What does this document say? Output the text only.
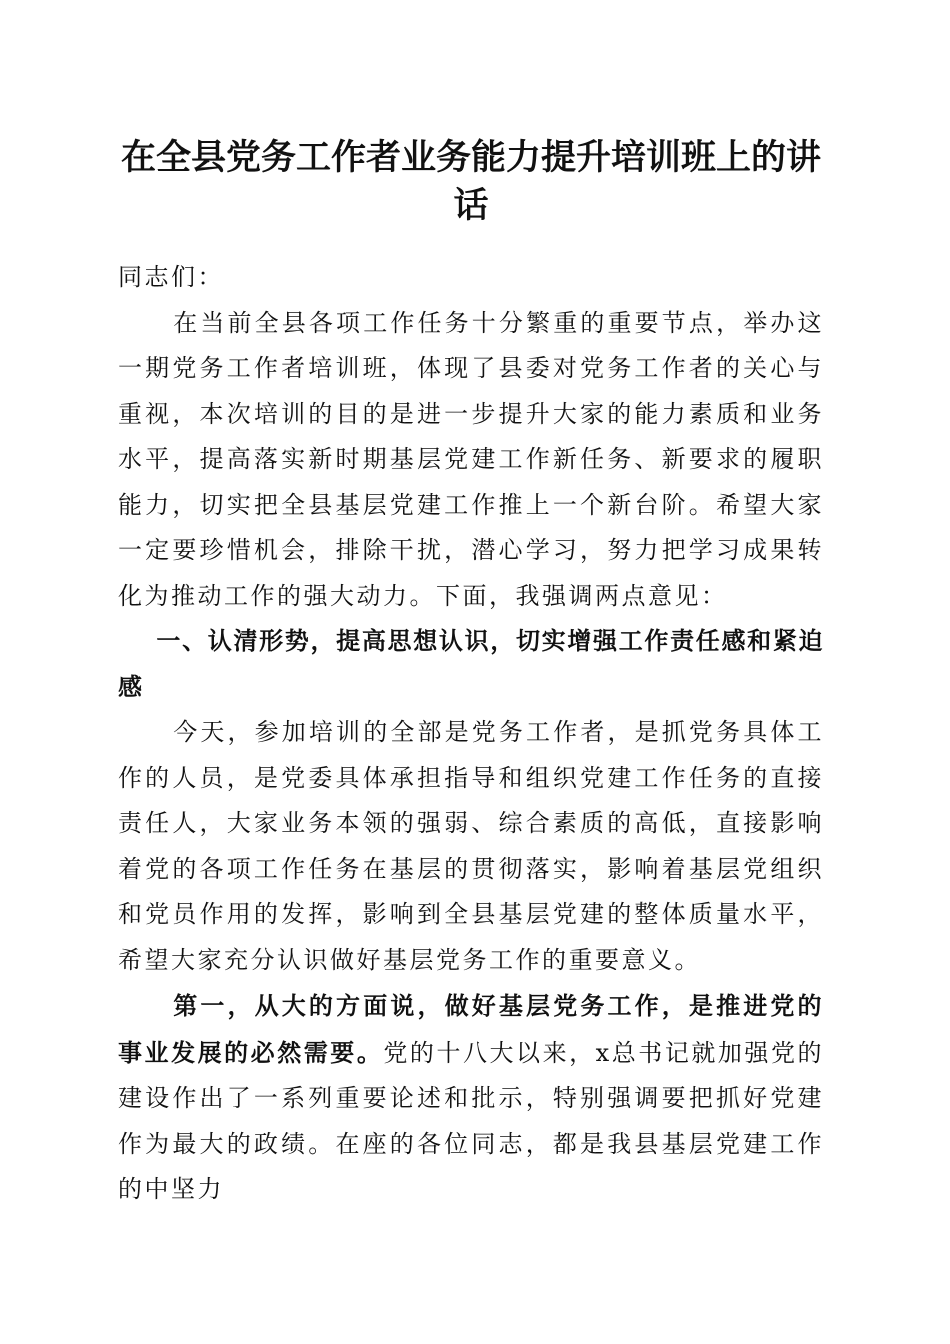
在全县党务工作者业务能力提升培训班上的讲话

同志们：

在当前全县各项工作任务十分繁重的重要节点，举办这一期党务工作者培训班，体现了县委对党务工作者的关心与重视，本次培训的目的是进一步提升大家的能力素质和业务水平，提高落实新时期基层党建工作新任务、新要求的履职能力，切实把全县基层党建工作推上一个新台阶。希望大家一定要珍惜机会，排除干扰，潜心学习，努力把学习成果转化为推动工作的强大动力。下面，我强调两点意见：

一、认清形势，提高思想认识，切实增强工作责任感和紧迫感

今天，参加培训的全部是党务工作者，是抓党务具体工作的人员，是党委具体承担指导和组织党建工作任务的直接责任人，大家业务本领的强弱、综合素质的高低，直接影响着党的各项工作任务在基层的贯彻落实，影响着基层党组织和党员作用的发挥，影响到全县基层党建的整体质量水平，希望大家充分认识做好基层党务工作的重要意义。

第一，从大的方面说，做好基层党务工作，是推进党的事业发展的必然需要。党的十八大以来，x总书记就加强党的建设作出了一系列重要论述和批示，特别强调要把抓好党建作为最大的政绩。在座的各位同志，都是我县基层党建工作的中坚力
